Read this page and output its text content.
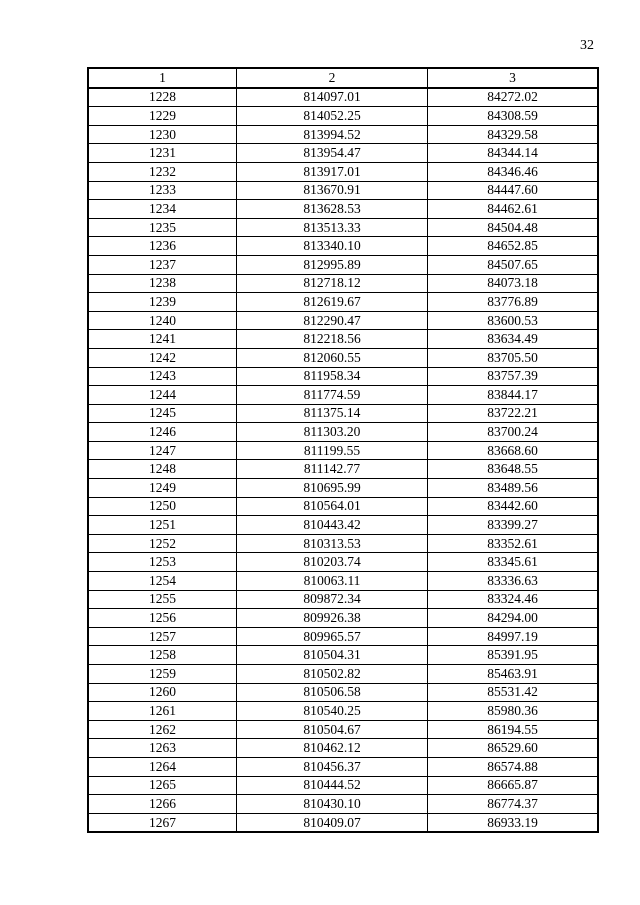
32
1	2	3
1228	814097.01	84272.02
1229	814052.25	84308.59
1230	813994.52	84329.58
1231	813954.47	84344.14
1232	813917.01	84346.46
1233	813670.91	84447.60
1234	813628.53	84462.61
1235	813513.33	84504.48
1236	813340.10	84652.85
1237	812995.89	84507.65
1238	812718.12	84073.18
1239	812619.67	83776.89
1240	812290.47	83600.53
1241	812218.56	83634.49
1242	812060.55	83705.50
1243	811958.34	83757.39
1244	811774.59	83844.17
1245	811375.14	83722.21
1246	811303.20	83700.24
1247	811199.55	83668.60
1248	811142.77	83648.55
1249	810695.99	83489.56
1250	810564.01	83442.60
1251	810443.42	83399.27
1252	810313.53	83352.61
1253	810203.74	83345.61
1254	810063.11	83336.63
1255	809872.34	83324.46
1256	809926.38	84294.00
1257	809965.57	84997.19
1258	810504.31	85391.95
1259	810502.82	85463.91
1260	810506.58	85531.42
1261	810540.25	85980.36
1262	810504.67	86194.55
1263	810462.12	86529.60
1264	810456.37	86574.88
1265	810444.52	86665.87
1266	810430.10	86774.37
1267	810409.07	86933.19
